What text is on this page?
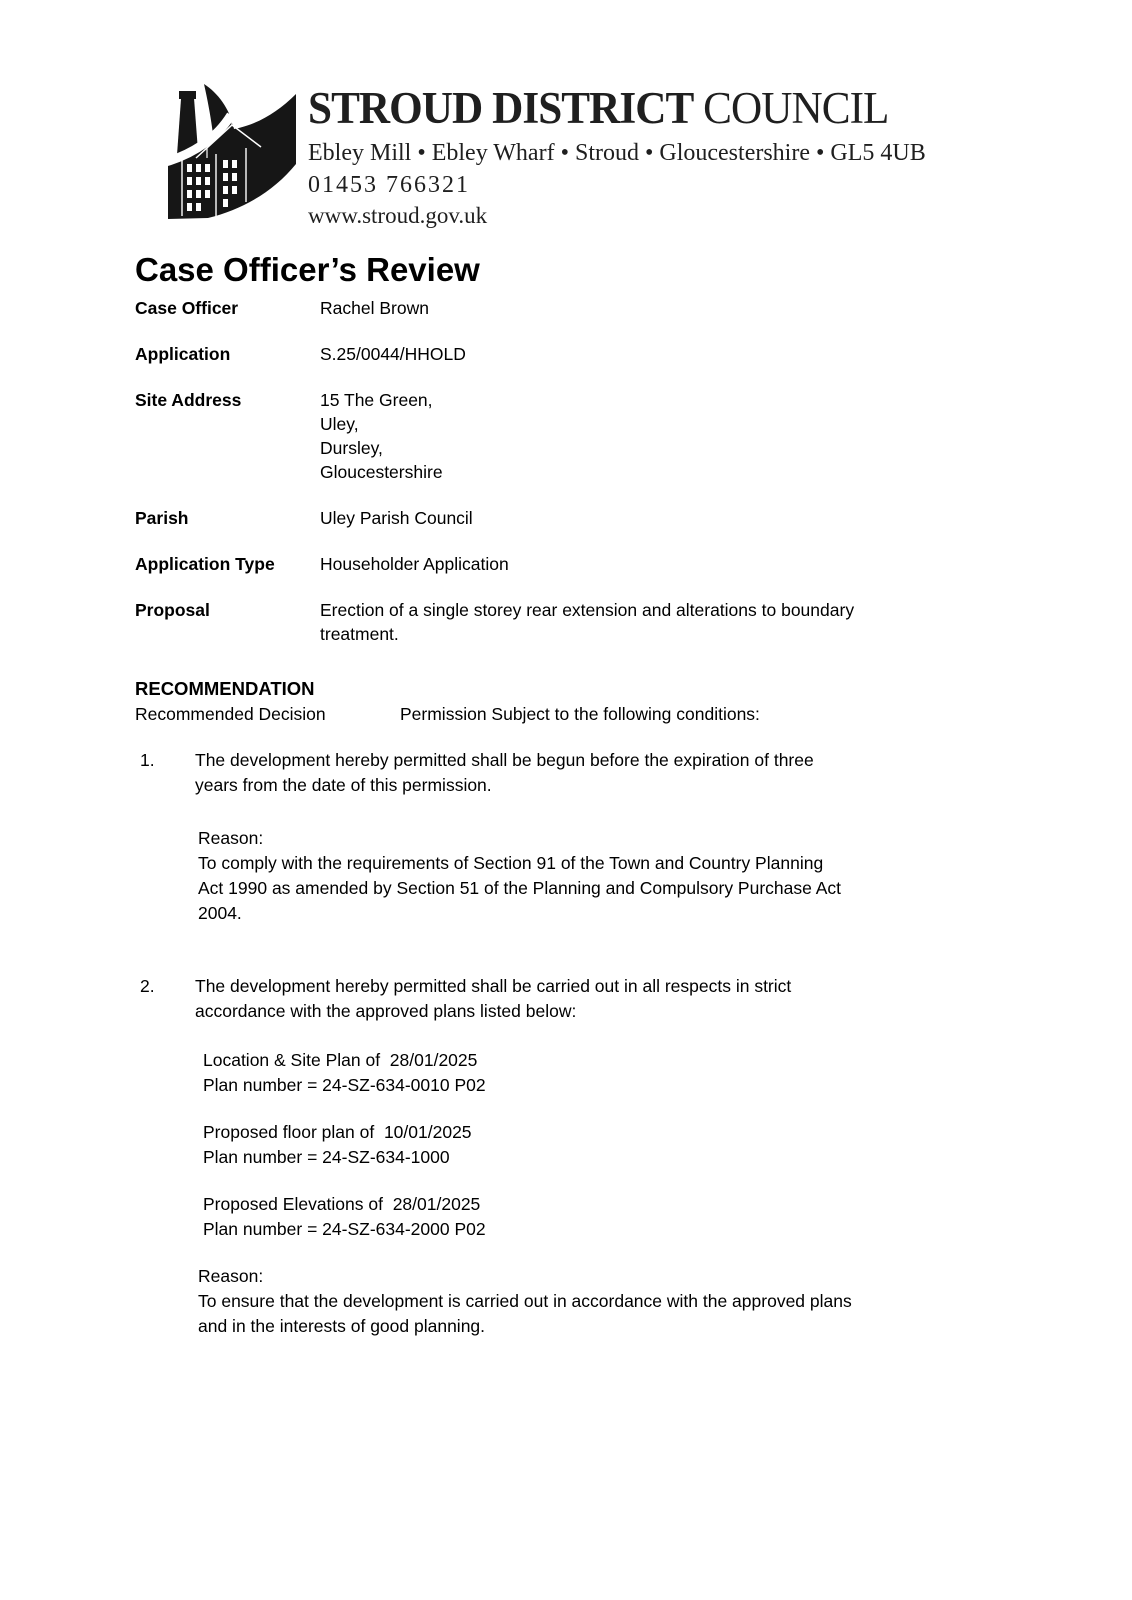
STROUD DISTRICT COUNCIL
Ebley Mill • Ebley Wharf • Stroud • Gloucestershire • GL5 4UB
01453 766321
www.stroud.gov.uk
Case Officer’s Review
Case Officer	Rachel Brown
Application	S.25/0044/HHOLD
Site Address	15 The Green,
Uley,
Dursley,
Gloucestershire
Parish	Uley Parish Council
Application Type	Householder Application
Proposal	Erection of a single storey rear extension and alterations to boundary
treatment.
RECOMMENDATION
Recommended Decision	Permission Subject to the following conditions:
1.	The development hereby permitted shall be begun before the expiration of three
years from the date of this permission.
Reason:
To comply with the requirements of Section 91 of the Town and Country Planning
Act 1990 as amended by Section 51 of the Planning and Compulsory Purchase Act
2004.
2.	The development hereby permitted shall be carried out in all respects in strict
accordance with the approved plans listed below:
Location & Site Plan of  28/01/2025
Plan number = 24-SZ-634-0010 P02
Proposed floor plan of  10/01/2025
Plan number = 24-SZ-634-1000
Proposed Elevations of  28/01/2025
Plan number = 24-SZ-634-2000 P02
Reason:
To ensure that the development is carried out in accordance with the approved plans
and in the interests of good planning.
